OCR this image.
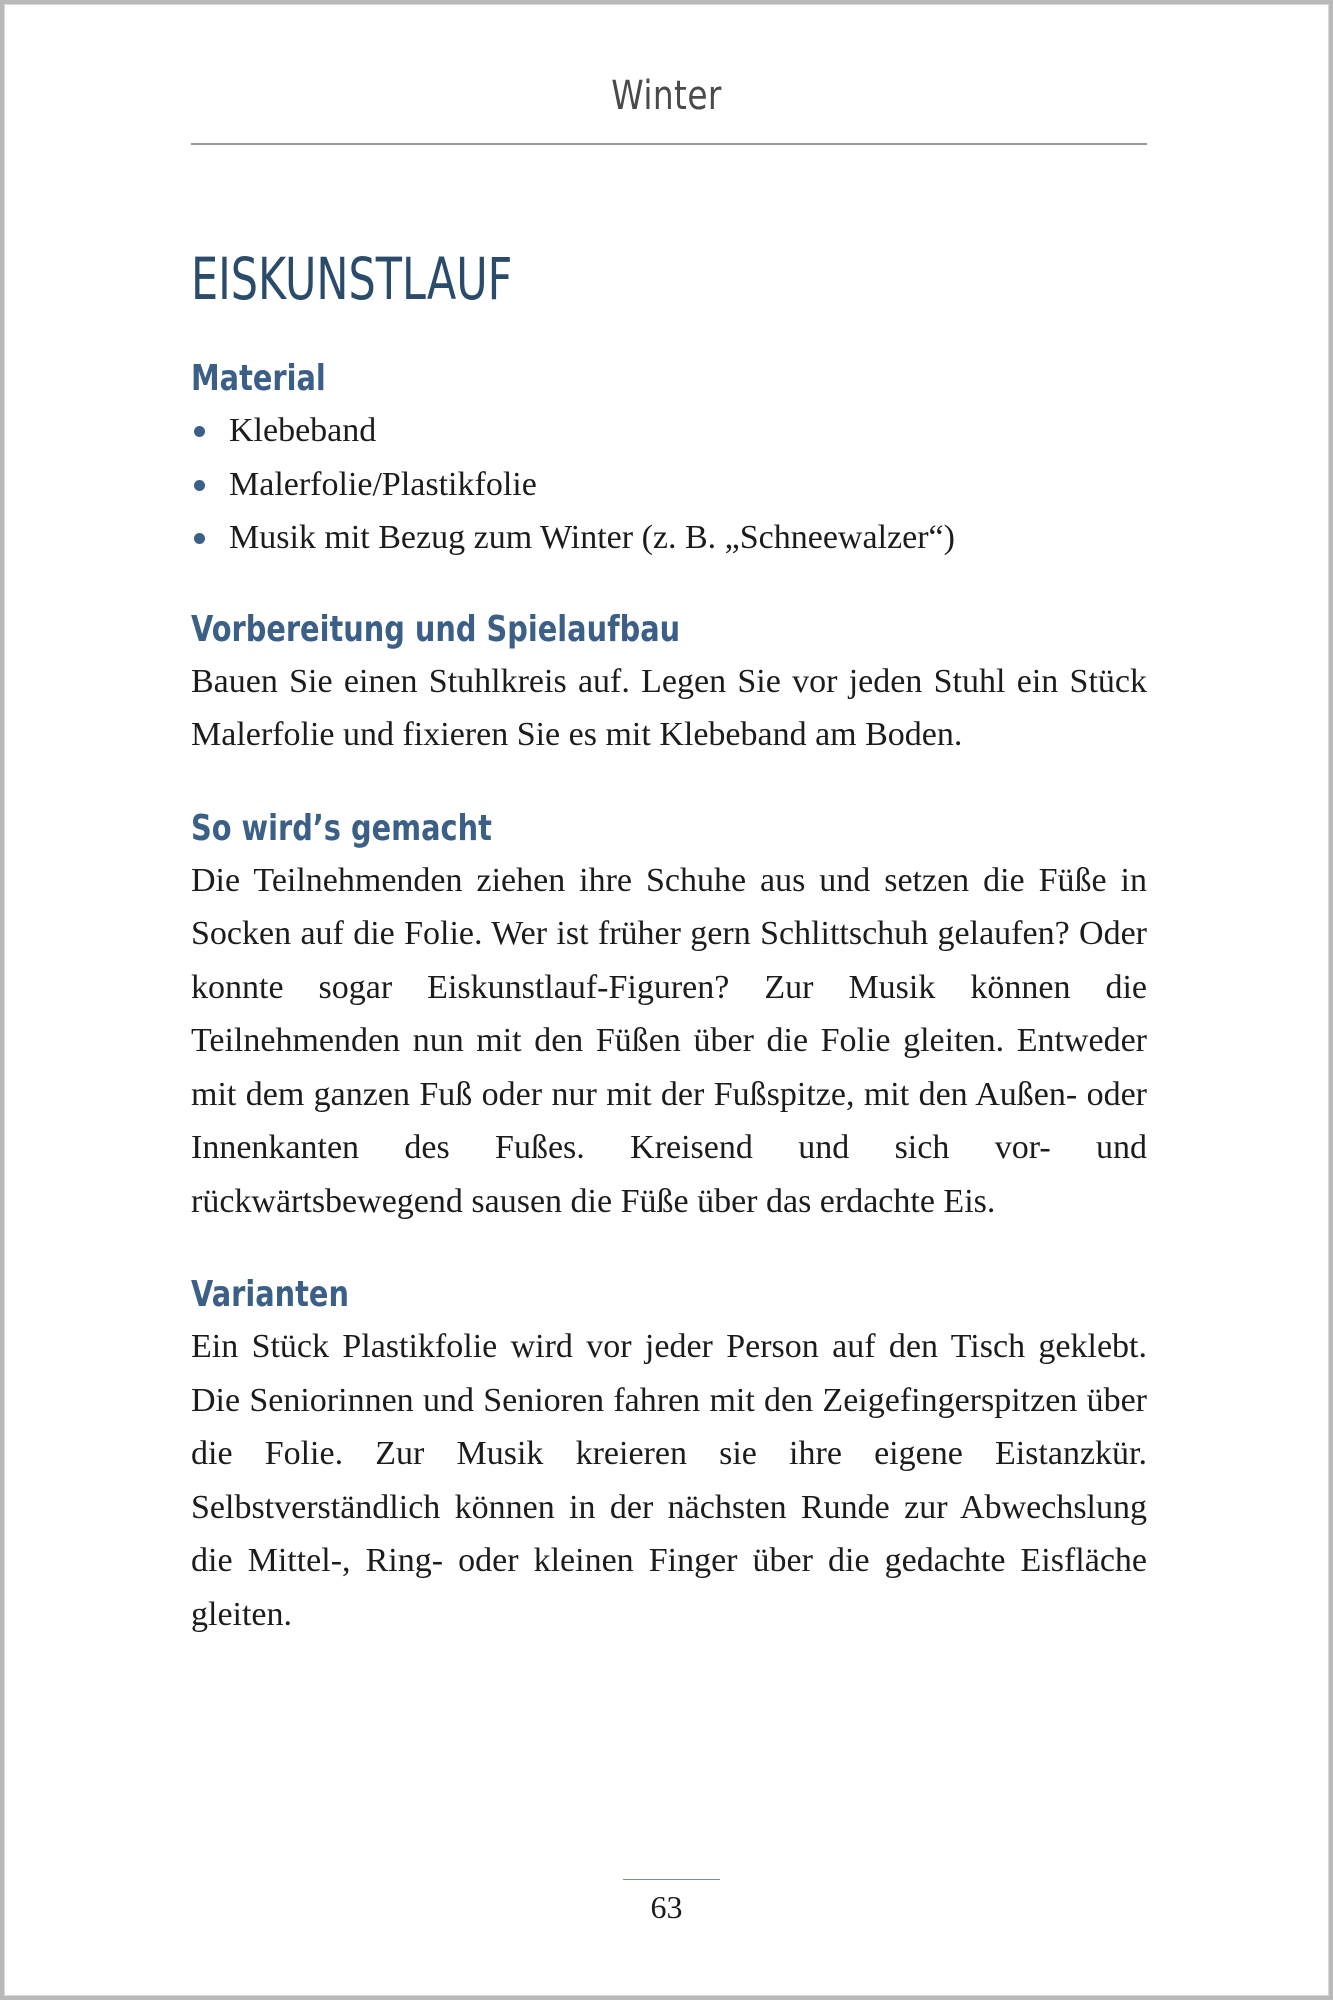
Winter
EISKUNSTLAUF
Material
Klebeband
Malerfolie/Plastikfolie
Musik mit Bezug zum Winter (z. B. „Schneewalzer“)
Vorbereitung und Spielaufbau

Bauen Sie einen Stuhlkreis auf. Legen Sie vor jeden Stuhl ein Stück Malerfolie und fixieren Sie es mit Klebeband am Boden.

So wird’s gemacht

Die Teilnehmenden ziehen ihre Schuhe aus und setzen die Füße in Socken auf die Folie. Wer ist früher gern Schlittschuh gelaufen? Oder konnte sogar Eiskunstlauf-Figuren? Zur Musik können die Teilnehmenden nun mit den Füßen über die Folie gleiten. Entweder mit dem ganzen Fuß oder nur mit der Fußspitze, mit den Außen- oder Innenkanten des Fußes. Kreisend und sich vor- und rückwärtsbewegend sausen die Füße über das erdachte Eis.

Varianten

Ein Stück Plastikfolie wird vor jeder Person auf den Tisch geklebt. Die Seniorinnen und Senioren fahren mit den Zeigefingerspitzen über die Folie. Zur Musik kreieren sie ihre eigene Eistanzkür. Selbstverständlich können in der nächsten Runde zur Abwechslung die Mittel-, Ring- oder kleinen Finger über die gedachte Eisfläche gleiten.

63
